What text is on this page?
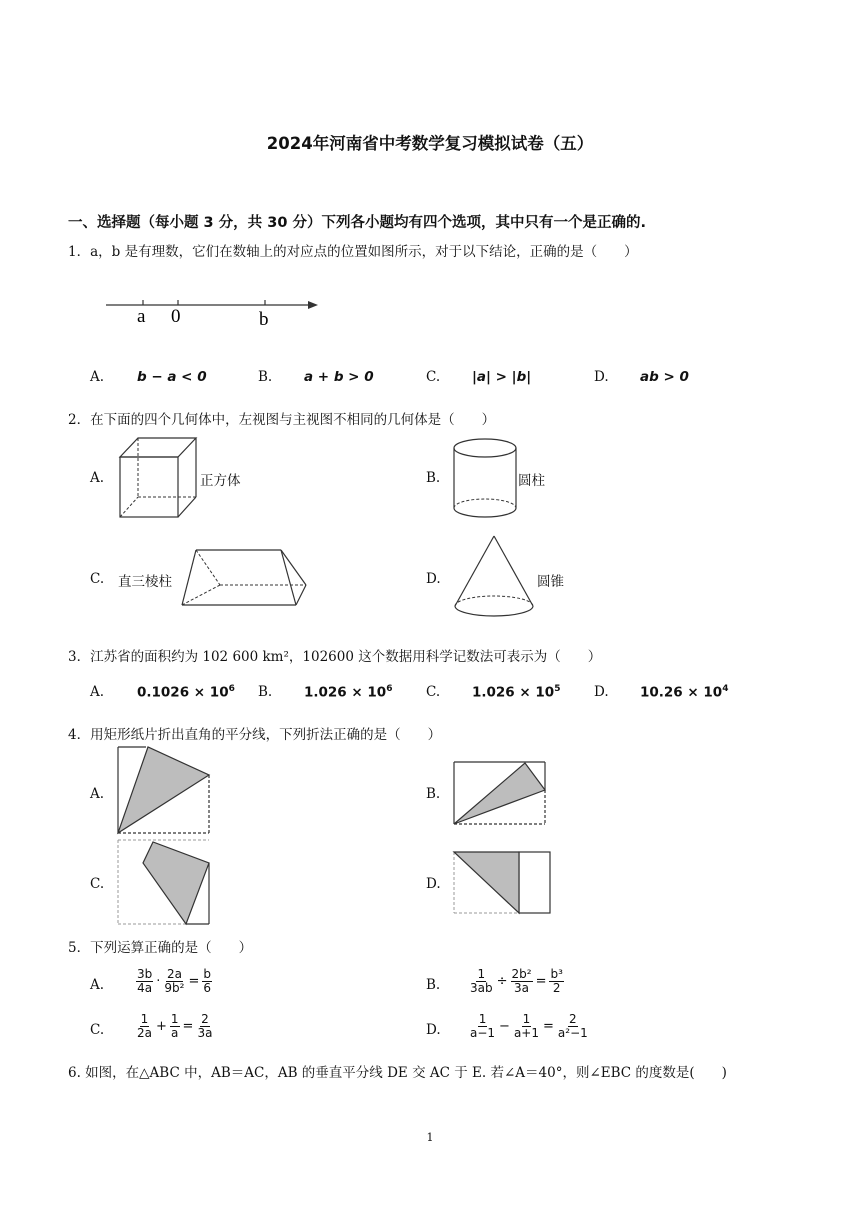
2024年河南省中考数学复习模拟试卷（五）
一、选择题（每小题 3 分，共 30 分）下列各小题均有四个选项，其中只有一个是正确的.
1．a，b 是有理数，它们在数轴上的对应点的位置如图所示，对于以下结论，正确的是（　　）
a 0	b
A. b − a < 0	B. a + b > 0	C. |a| > |b|	D. ab > 0
2．在下面的四个几何体中，左视图与主视图不相同的几何体是（　　）
A.	正方体	B.	圆柱
C. 直三棱柱	D.	圆锥
3．江苏省的面积约为 102 600 km²，102600 这个数据用科学记数法可表示为（　　）
A. $0.1026 \times 10^6$ B. $1.026 \times 10^6$ C. $1.026 \times 10^5$ D. $10.26 \times 10^4$
4．用矩形纸片折出直角的平分线，下列折法正确的是（　　）
A.	B.
C.	D.
5．下列运算正确的是（　　）
A.	$\frac{3b}{4a} \cdot \frac{2a}{\text{9b²}} = \frac{b}{6}$	B. $\frac{1}{3ab} \div \frac{\text{2b²}}{3a} = \frac{\text{b³}}{2}$
C.	$\frac{1}{2a} + \frac{1}{a} = \frac{2}{3a}$	D. $\frac{1}{a-1} - \frac{1}{a+1} = \frac{2}{\text{a²−1}}$
6. 如图，在△ABC 中，AB＝AC，AB 的垂直平分线 DE 交 AC 于 E. 若∠A＝40°，则∠EBC 的度数是(　　)
1
